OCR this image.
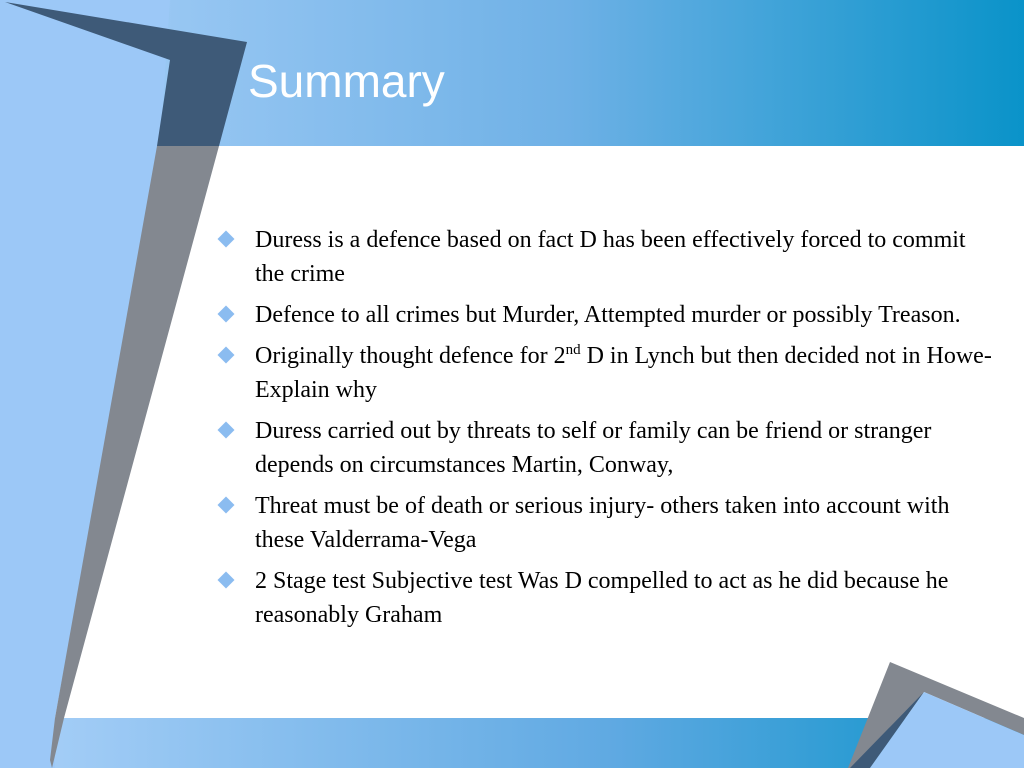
Summary
Duress is a defence based on fact D has been effectively forced to commit the crime
Defence to all crimes but Murder, Attempted murder or possibly Treason.
Originally thought defence for 2nd D in Lynch but then decided not in Howe- Explain why
Duress carried out by threats to self or family can be friend or stranger depends on circumstances Martin, Conway,
Threat must be of death or serious injury- others taken into account with these Valderrama-Vega
2 Stage test Subjective test Was D compelled to act as he did because he reasonably Graham
